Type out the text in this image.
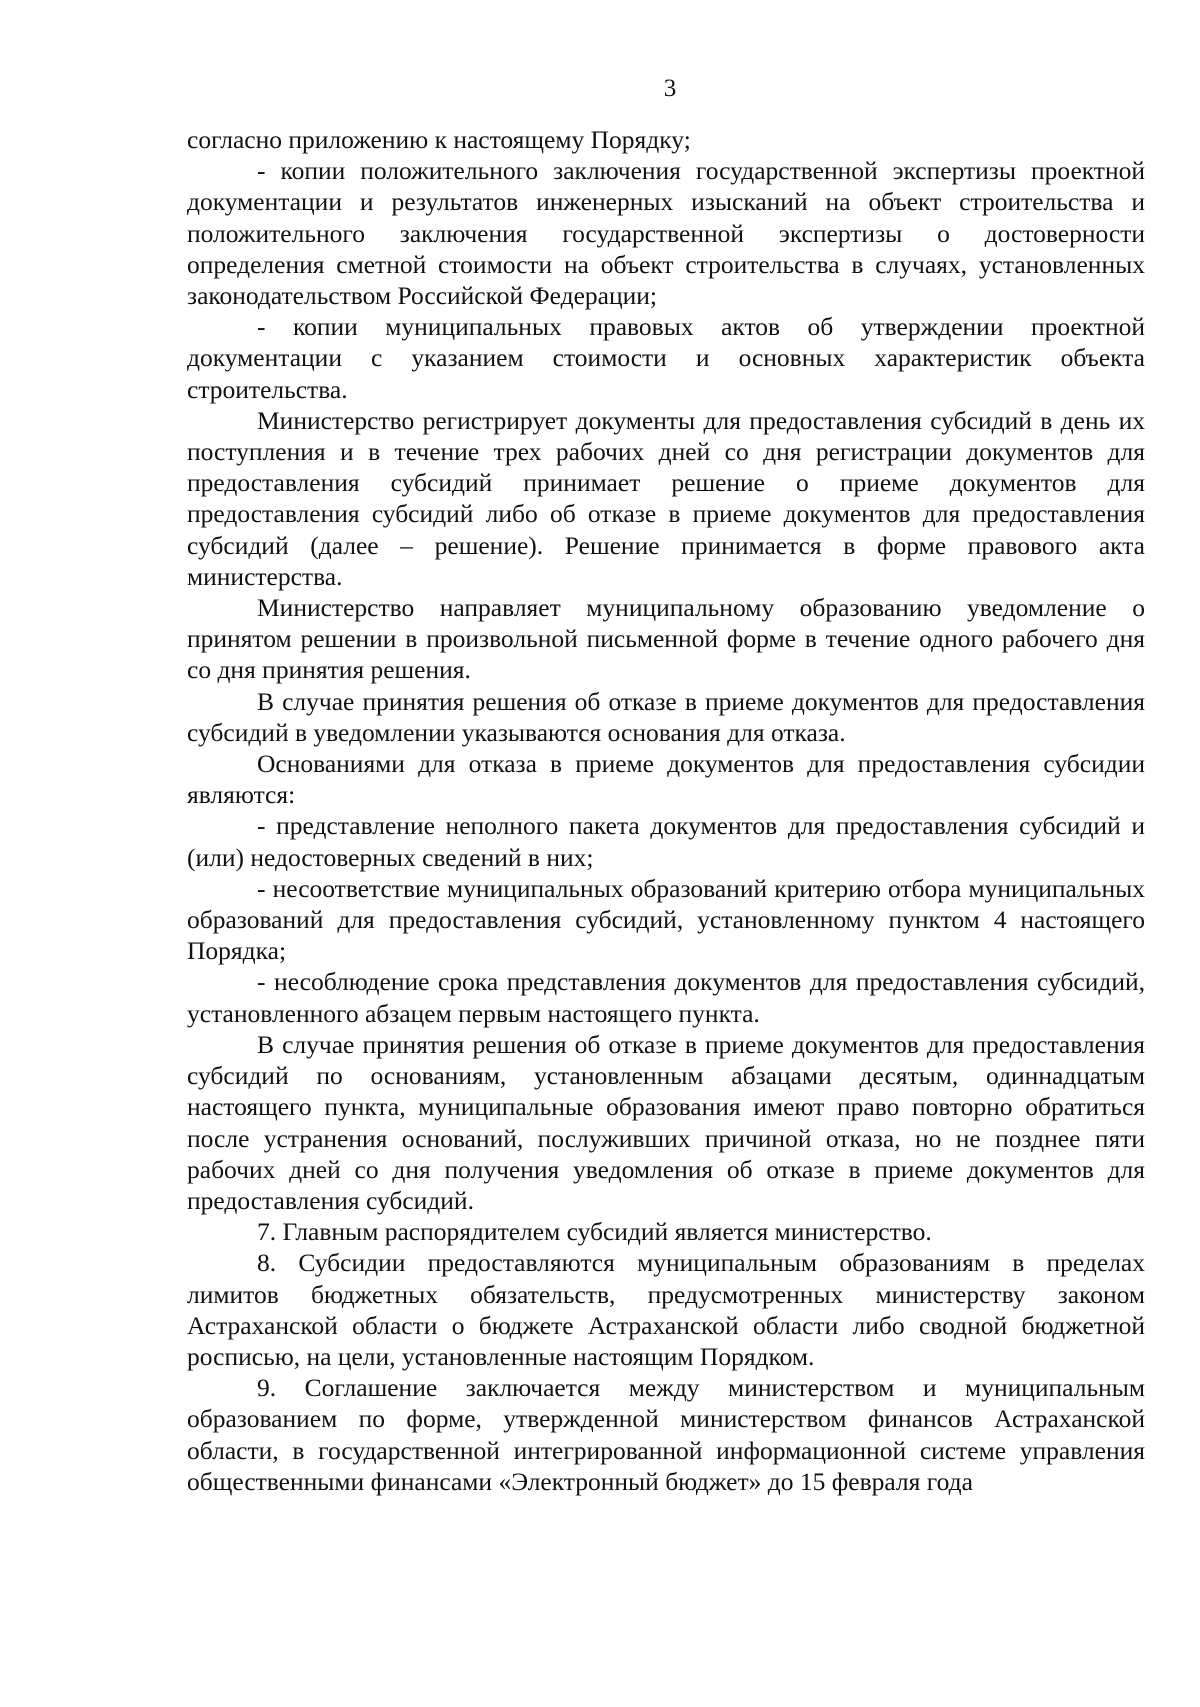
3

согласно приложению к настоящему Порядку;

- копии положительного заключения государственной экспертизы проектной документации и результатов инженерных изысканий на объект строительства и положительного заключения государственной экспертизы о достоверности определения сметной стоимости на объект строительства в случаях, установленных законодательством Российской Федерации;

- копии муниципальных правовых актов об утверждении проектной документации с указанием стоимости и основных характеристик объекта строительства.

Министерство регистрирует документы для предоставления субсидий в день их поступления и в течение трех рабочих дней со дня регистрации документов для предоставления субсидий принимает решение о приеме документов для предоставления субсидий либо об отказе в приеме документов для предоставления субсидий (далее – решение). Решение принимается в форме правового акта министерства.

Министерство направляет муниципальному образованию уведомление о принятом решении в произвольной письменной форме в течение одного рабочего дня со дня принятия решения.

В случае принятия решения об отказе в приеме документов для предоставления субсидий в уведомлении указываются основания для отказа.

Основаниями для отказа в приеме документов для предоставления субсидии являются:

- представление неполного пакета документов для предоставления субсидий и (или) недостоверных сведений в них;

- несоответствие муниципальных образований критерию отбора муниципальных образований для предоставления субсидий, установленному пунктом 4 настоящего Порядка;

- несоблюдение срока представления документов для предоставления субсидий, установленного абзацем первым настоящего пункта.

В случае принятия решения об отказе в приеме документов для предоставления субсидий по основаниям, установленным абзацами десятым, одиннадцатым настоящего пункта, муниципальные образования имеют право повторно обратиться после устранения оснований, послуживших причиной отказа, но не позднее пяти рабочих дней со дня получения уведомления об отказе в приеме документов для предоставления субсидий.

7. Главным распорядителем субсидий является министерство.

8. Субсидии предоставляются муниципальным образованиям в пределах лимитов бюджетных обязательств, предусмотренных министерству законом Астраханской области о бюджете Астраханской области либо сводной бюджетной росписью, на цели, установленные настоящим Порядком.

9. Соглашение заключается между министерством и муниципальным образованием по форме, утвержденной министерством финансов Астраханской области, в государственной интегрированной информационной системе управления общественными финансами «Электронный бюджет» до 15 февраля года
